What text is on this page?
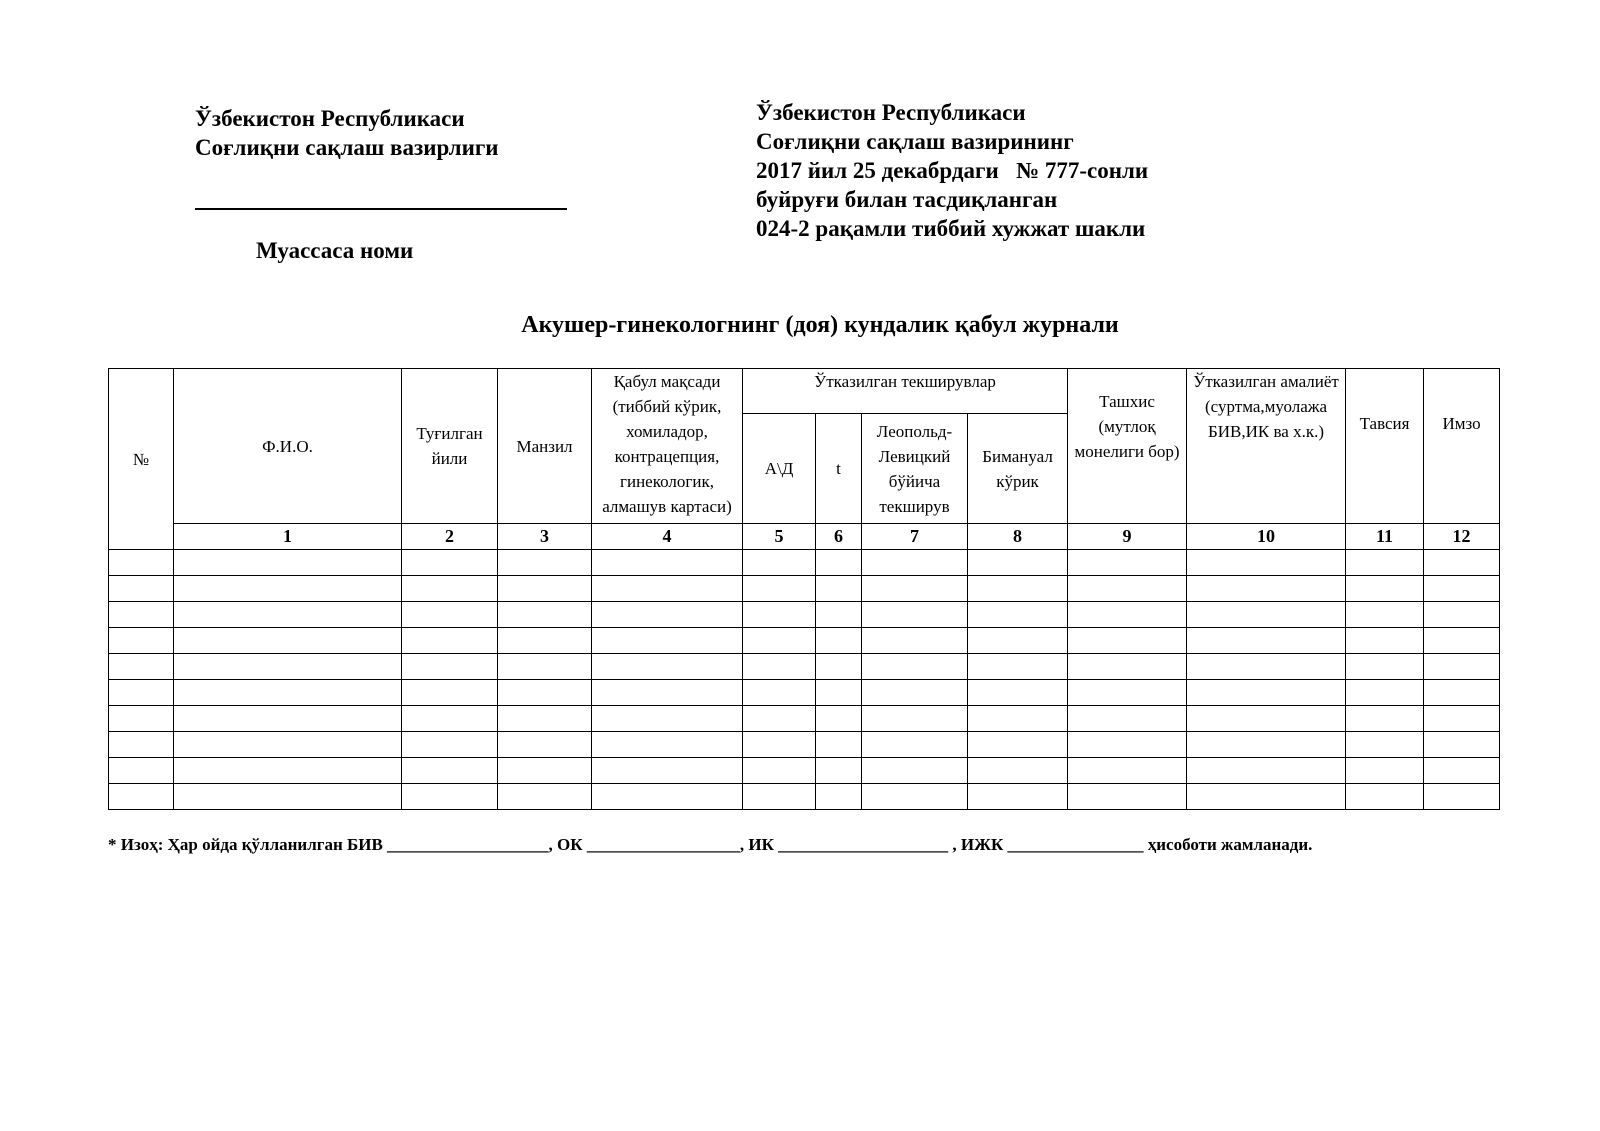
Ўзбекистон Республикаси
Соғлиқни сақлаш вазирлиги
Муассаса номи
Ўзбекистон Республикаси
Соғлиқни сақлаш вазирининг
2017 йил 25 декабрдаги   № 777-сонли
буйруғи билан тасдиқланган
024-2 рақамли тиббий хужжат шакли
Акушер-гинекологнинг (доя) кундалик қабул журнали
№	Ф.И.О.	Туғилган йили	Манзил	Қабул мақсади (тиббий кўрик, хомиладор, контрацепция, гинекологик, алмашув картаси)	Ўтказилган текширувлар				Ташхис (мутлоқ монелиги бор)	Ўтказилган амалиёт (суртма,муолажа БИВ,ИК ва х.к.)	Тавсия	Имзо
					А\Д	t	Леопольд-Левицкий бўйича текширув	Бимануал кўрик				
	1	2	3	4	5	6	7	8	9	10	11	12

* Изоҳ: Ҳар ойда қўлланилган БИВ ___________________, ОК __________________, ИК ____________________ , ИЖК ________________ ҳисоботи жамланади.
